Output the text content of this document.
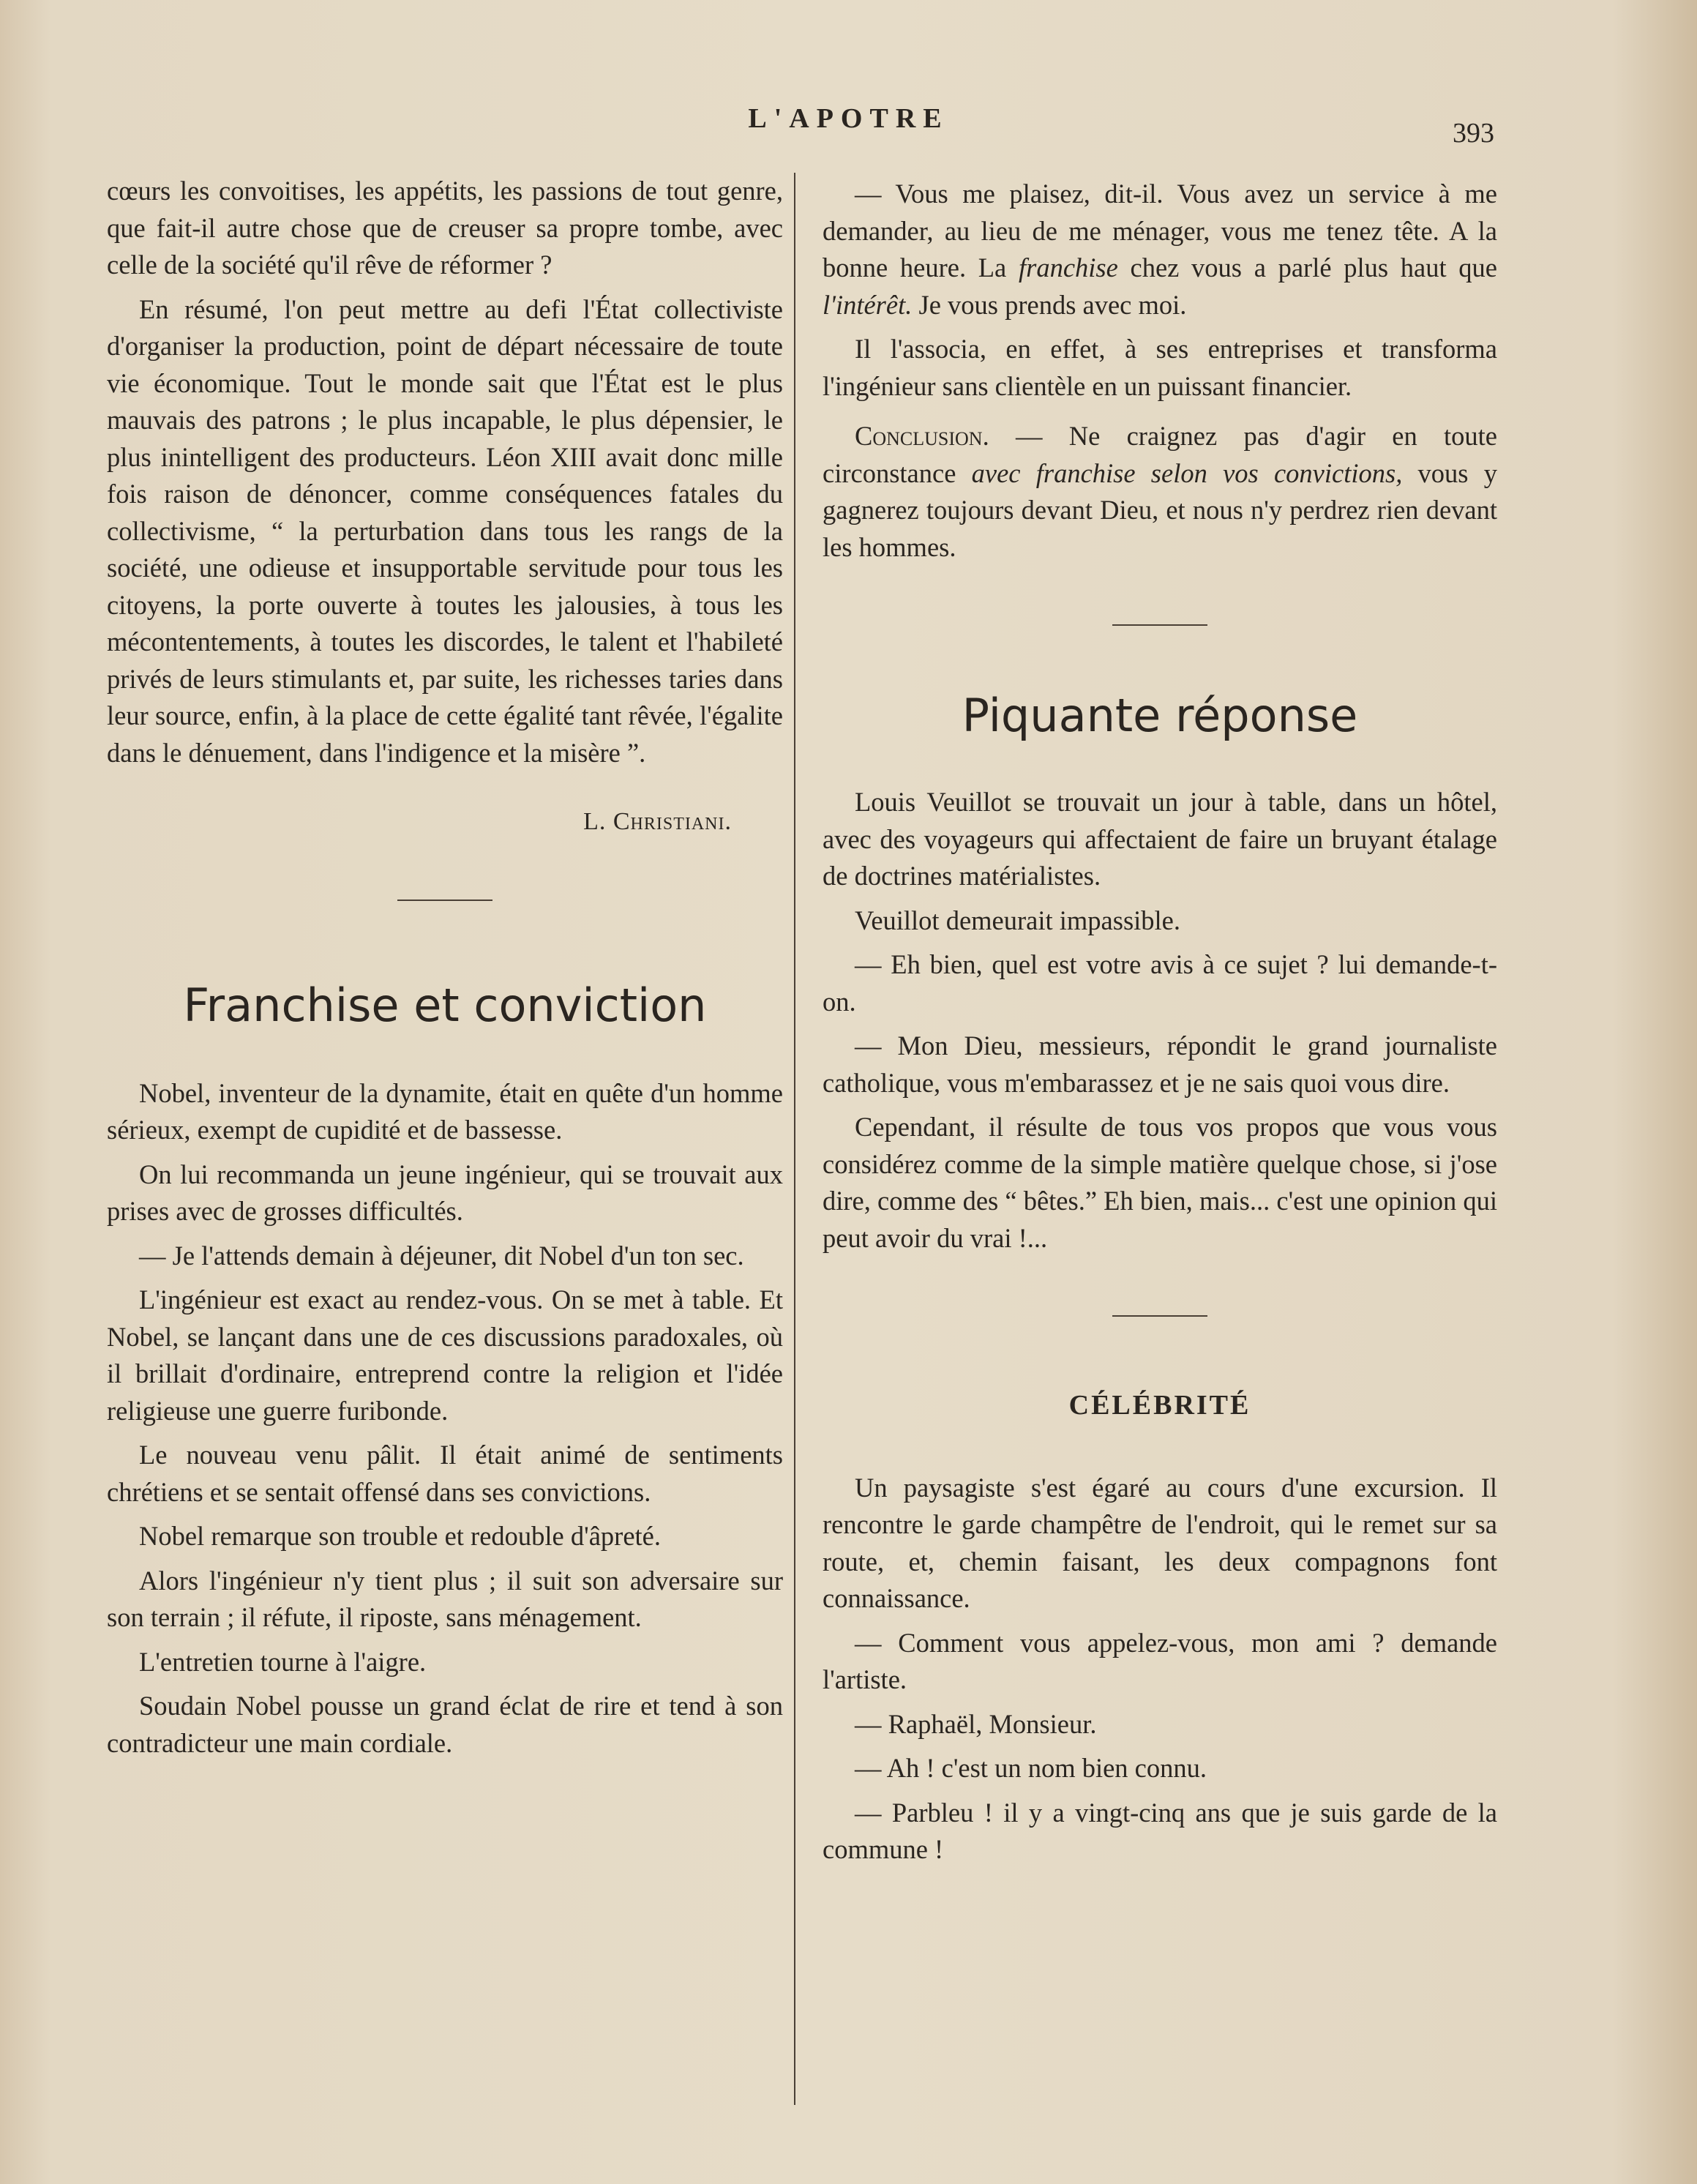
L'APOTRE	393

cœurs les convoitises, les appétits, les passions de tout genre, que fait-il autre chose que de creuser sa propre tombe, avec celle de la société qu'il rêve de réformer ?

En résumé, l'on peut mettre au defi l'État collectiviste d'organiser la production, point de départ nécessaire de toute vie économique. Tout le monde sait que l'État est le plus mauvais des patrons ; le plus incapable, le plus dépensier, le plus inintelligent des producteurs. Léon XIII avait donc mille fois raison de dénoncer, comme conséquences fatales du collectivisme, “ la perturbation dans tous les rangs de la société, une odieuse et insupportable servitude pour tous les citoyens, la porte ouverte à toutes les jalousies, à tous les mécontentements, à toutes les discordes, le talent et l'habileté privés de leurs stimulants et, par suite, les richesses taries dans leur source, enfin, à la place de cette égalité tant rêvée, l'égalite dans le dénuement, dans l'indigence et la misère ”.

L. Christiani.
Franchise et conviction

Nobel, inventeur de la dynamite, était en quête d'un homme sérieux, exempt de cupidité et de bassesse.

On lui recommanda un jeune ingénieur, qui se trouvait aux prises avec de grosses difficultés.

— Je l'attends demain à déjeuner, dit Nobel d'un ton sec.

L'ingénieur est exact au rendez-vous. On se met à table. Et Nobel, se lançant dans une de ces discussions paradoxales, où il brillait d'ordinaire, entreprend contre la religion et l'idée religieuse une guerre furibonde.

Le nouveau venu pâlit. Il était animé de sentiments chrétiens et se sentait offensé dans ses convictions.

Nobel remarque son trouble et redouble d'âpreté.

Alors l'ingénieur n'y tient plus ; il suit son adversaire sur son terrain ; il réfute, il riposte, sans ménagement.

L'entretien tourne à l'aigre.

Soudain Nobel pousse un grand éclat de rire et tend à son contradicteur une main cordiale.

— Vous me plaisez, dit-il. Vous avez un service à me demander, au lieu de me ménager, vous me tenez tête. A la bonne heure. La franchise chez vous a parlé plus haut que l'intérêt. Je vous prends avec moi.

Il l'associa, en effet, à ses entreprises et transforma l'ingénieur sans clientèle en un puissant financier.

Conclusion. — Ne craignez pas d'agir en toute circonstance avec franchise selon vos convictions, vous y gagnerez toujours devant Dieu, et nous n'y perdrez rien devant les hommes.

Piquante réponse

Louis Veuillot se trouvait un jour à table, dans un hôtel, avec des voyageurs qui affectaient de faire un bruyant étalage de doctrines matérialistes.

Veuillot demeurait impassible.

— Eh bien, quel est votre avis à ce sujet ? lui demande-t-on.

— Mon Dieu, messieurs, répondit le grand journaliste catholique, vous m'embarassez et je ne sais quoi vous dire.

Cependant, il résulte de tous vos propos que vous vous considérez comme de la simple matière quelque chose, si j'ose dire, comme des “ bêtes.” Eh bien, mais... c'est une opinion qui peut avoir du vrai !...

CÉLÉBRITÉ

Un paysagiste s'est égaré au cours d'une excursion. Il rencontre le garde champêtre de l'endroit, qui le remet sur sa route, et, chemin faisant, les deux compagnons font connaissance.

— Comment vous appelez-vous, mon ami ? demande l'artiste.

— Raphaël, Monsieur.

— Ah ! c'est un nom bien connu.

— Parbleu ! il y a vingt-cinq ans que je suis garde de la commune !
